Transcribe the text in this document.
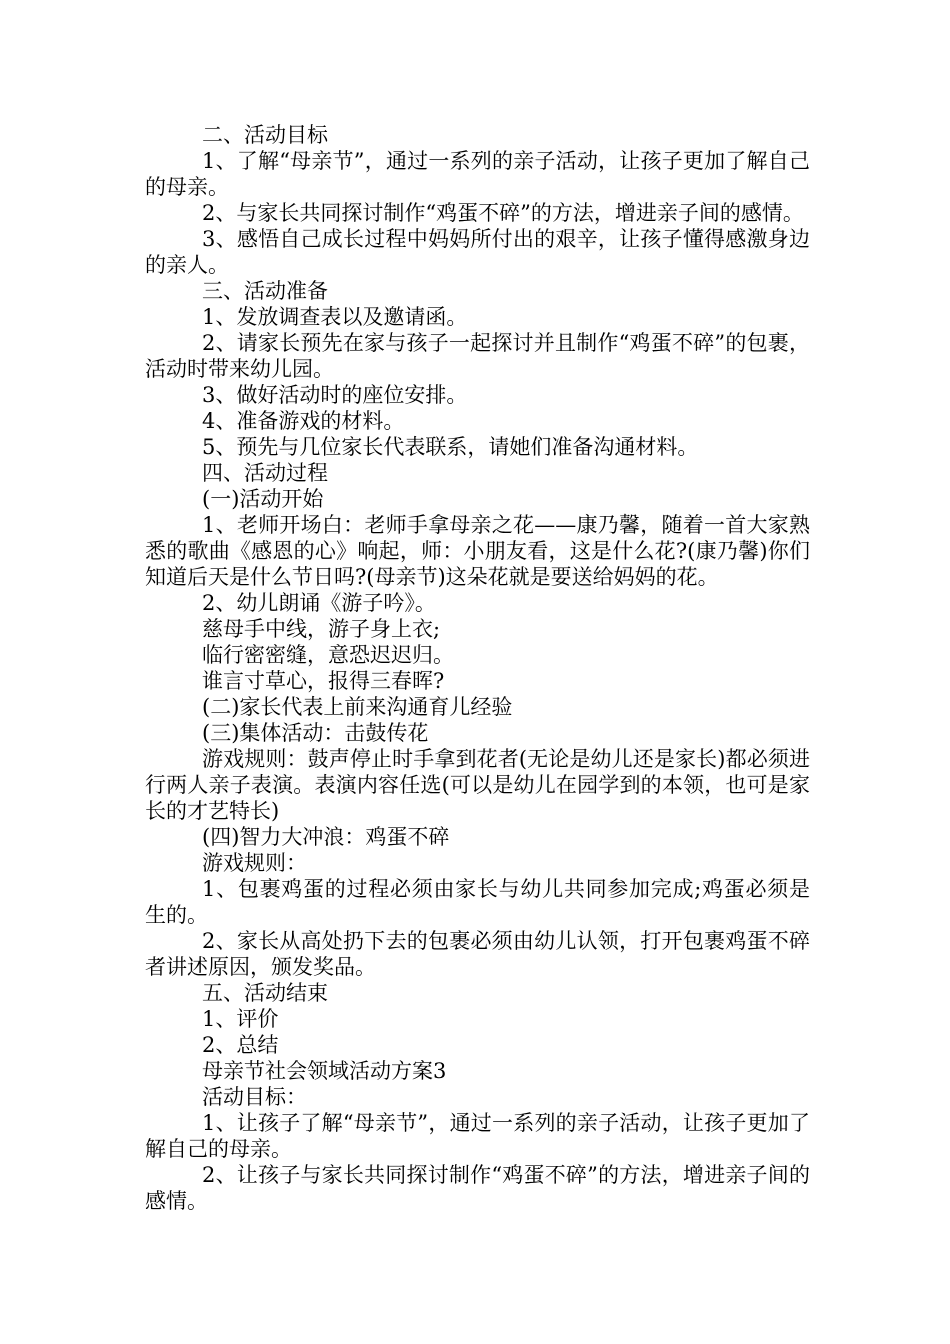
二、活动目标

1、了解“母亲节”，通过一系列的亲子活动，让孩子更加了解自己的母亲。

2、与家长共同探讨制作“鸡蛋不碎”的方法，增进亲子间的感情。

3、感悟自己成长过程中妈妈所付出的艰辛，让孩子懂得感激身边的亲人。

三、活动准备

1、发放调查表以及邀请函。

2、请家长预先在家与孩子一起探讨并且制作“鸡蛋不碎”的包裹，活动时带来幼儿园。

3、做好活动时的座位安排。

4、准备游戏的材料。

5、预先与几位家长代表联系，请她们准备沟通材料。

四、活动过程

(一)活动开始

1、老师开场白：老师手拿母亲之花——康乃馨，随着一首大家熟悉的歌曲《感恩的心》响起，师：小朋友看，这是什么花?(康乃馨)你们知道后天是什么节日吗?(母亲节)这朵花就是要送给妈妈的花。

2、幼儿朗诵《游子吟》。

慈母手中线，游子身上衣;

临行密密缝，意恐迟迟归。

谁言寸草心，报得三春晖?

(二)家长代表上前来沟通育儿经验

(三)集体活动：击鼓传花

游戏规则：鼓声停止时手拿到花者(无论是幼儿还是家长)都必须进行两人亲子表演。表演内容任选(可以是幼儿在园学到的本领，也可是家长的才艺特长)

(四)智力大冲浪：鸡蛋不碎

游戏规则：

1、包裹鸡蛋的过程必须由家长与幼儿共同参加完成;鸡蛋必须是生的。

2、家长从高处扔下去的包裹必须由幼儿认领，打开包裹鸡蛋不碎者讲述原因，颁发奖品。

五、活动结束

1、评价

2、总结

母亲节社会领域活动方案3

活动目标：

1、让孩子了解“母亲节”，通过一系列的亲子活动，让孩子更加了解自己的母亲。

2、让孩子与家长共同探讨制作“鸡蛋不碎”的方法，增进亲子间的感情。
